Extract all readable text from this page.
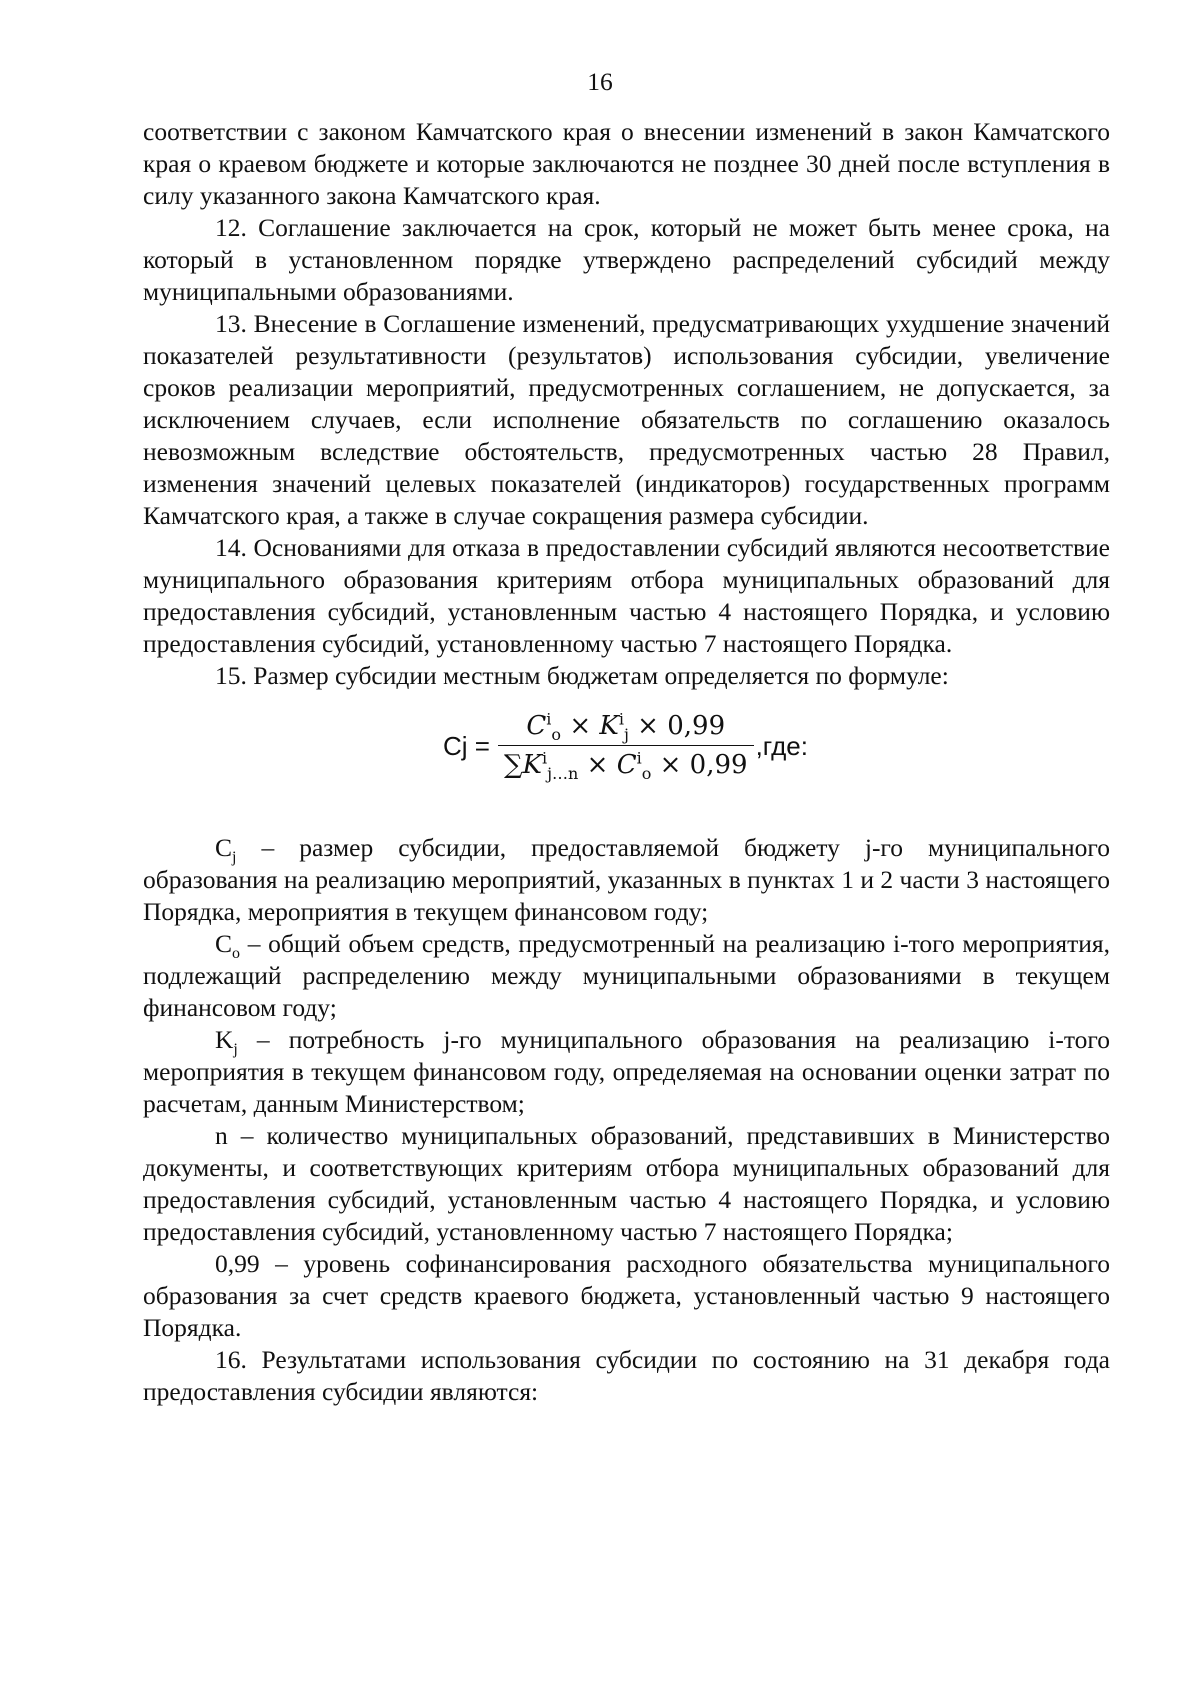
16

соответствии с законом Камчатского края о внесении изменений в закон Камчатского края о краевом бюджете и которые заключаются не позднее 30 дней после вступления в силу указанного закона Камчатского края.

12. Соглашение заключается на срок, который не может быть менее срока, на который в установленном порядке утверждено распределений субсидий между муниципальными образованиями.

13. Внесение в Соглашение изменений, предусматривающих ухудшение значений показателей результативности (результатов) использования субсидии, увеличение сроков реализации мероприятий, предусмотренных соглашением, не допускается, за исключением случаев, если исполнение обязательств по соглашению оказалось невозможным вследствие обстоятельств, предусмотренных частью 28 Правил, изменения значений целевых показателей (индикаторов) государственных программ Камчатского края, а также в случае сокращения размера субсидии.

14. Основаниями для отказа в предоставлении субсидий являются несоответствие муниципального образования критериям отбора муниципальных образований для предоставления субсидий, установленным частью 4 настоящего Порядка, и условию предоставления субсидий, установленному частью 7 настоящего Порядка.

15. Размер субсидии местным бюджетам определяется по формуле:

$Cj = \frac{C^i_o \times K^i_j \times 0,99}{\sum K^i_{j\dots n} \times C^i_o \times 0,99} ,где$:

$C_j$ – размер субсидии, предоставляемой бюджету j-го муниципального образования на реализацию мероприятий, указанных в пунктах 1 и 2 части 3 настоящего Порядка, мероприятия в текущем финансовом году;

$C_o$ – общий объем средств, предусмотренный на реализацию i-того мероприятия, подлежащий распределению между муниципальными образованиями в текущем финансовом году;

$K_j$ – потребность j-го муниципального образования на реализацию i-того мероприятия в текущем финансовом году, определяемая на основании оценки затрат по расчетам, данным Министерством;

n – количество муниципальных образований, представивших в Министерство документы, и соответствующих критериям отбора муниципальных образований для предоставления субсидий, установленным частью 4 настоящего Порядка, и условию предоставления субсидий, установленному частью 7 настоящего Порядка;

0,99 – уровень софинансирования расходного обязательства муниципального образования за счет средств краевого бюджета, установленный частью 9 настоящего Порядка.

16. Результатами использования субсидии по состоянию на 31 декабря года предоставления субсидии являются:
